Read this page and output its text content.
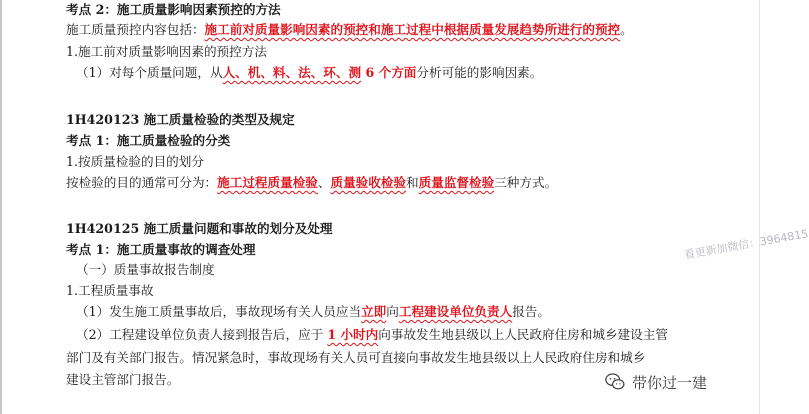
考点 2：施工质量影响因素预控的方法
施工质量预控内容包括：施工前对质量影响因素的预控和施工过程中根据质量发展趋势所进行的预控。
1.施工前对质量影响因素的预控方法
（1）对每个质量问题，从人、机、料、法、环、测 6 个方面分析可能的影响因素。
1H420123 施工质量检验的类型及规定
考点 1：施工质量检验的分类
1.按质量检验的目的划分
按检验的目的通常可分为：施工过程质量检验、质量验收检验和质量监督检验三种方式。
1H420125 施工质量问题和事故的划分及处理
考点 1：施工质量事故的调查处理
（一）质量事故报告制度
1.工程质量事故
（1）发生施工质量事故后，事故现场有关人员应当立即向工程建设单位负责人报告。
（2）工程建设单位负责人接到报告后，应于 1 小时内向事故发生地县级以上人民政府住房和城乡建设主管
部门及有关部门报告。情况紧急时，事故现场有关人员可直接向事故发生地县级以上人民政府住房和城乡
建设主管部门报告。
看更新加微信：3964815
带你过一建
